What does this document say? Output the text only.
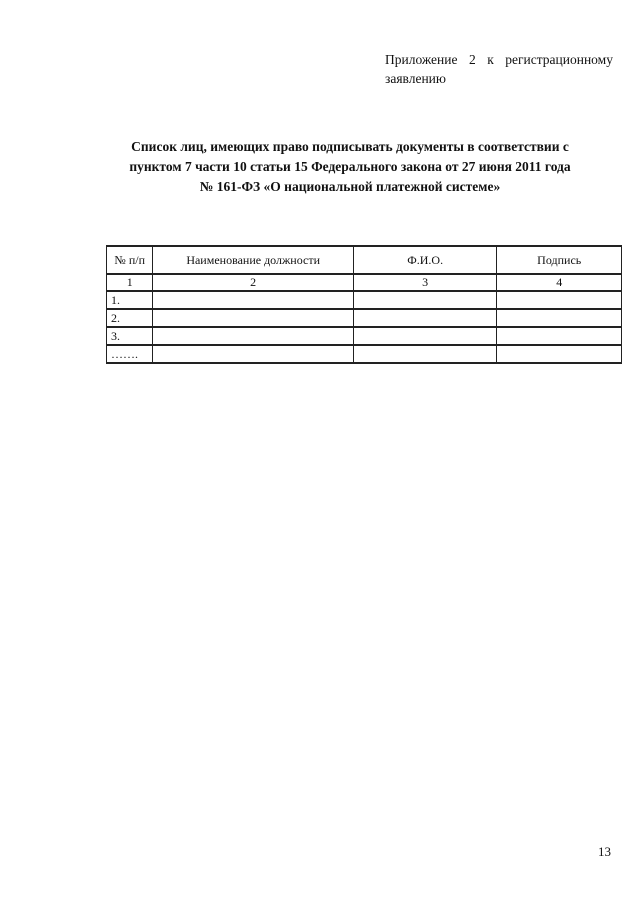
Приложение 2 к регистрационному
заявлению
Список лиц, имеющих право подписывать документы в соответствии с
пунктом 7 части 10 статьи 15 Федерального закона от 27 июня 2011 года
№ 161-ФЗ «О национальной платежной системе»
№ п/п	Наименование должности	Ф.И.О.	Подпись
1	2	3	4
1.			
2.			
3.			
…….			
13
